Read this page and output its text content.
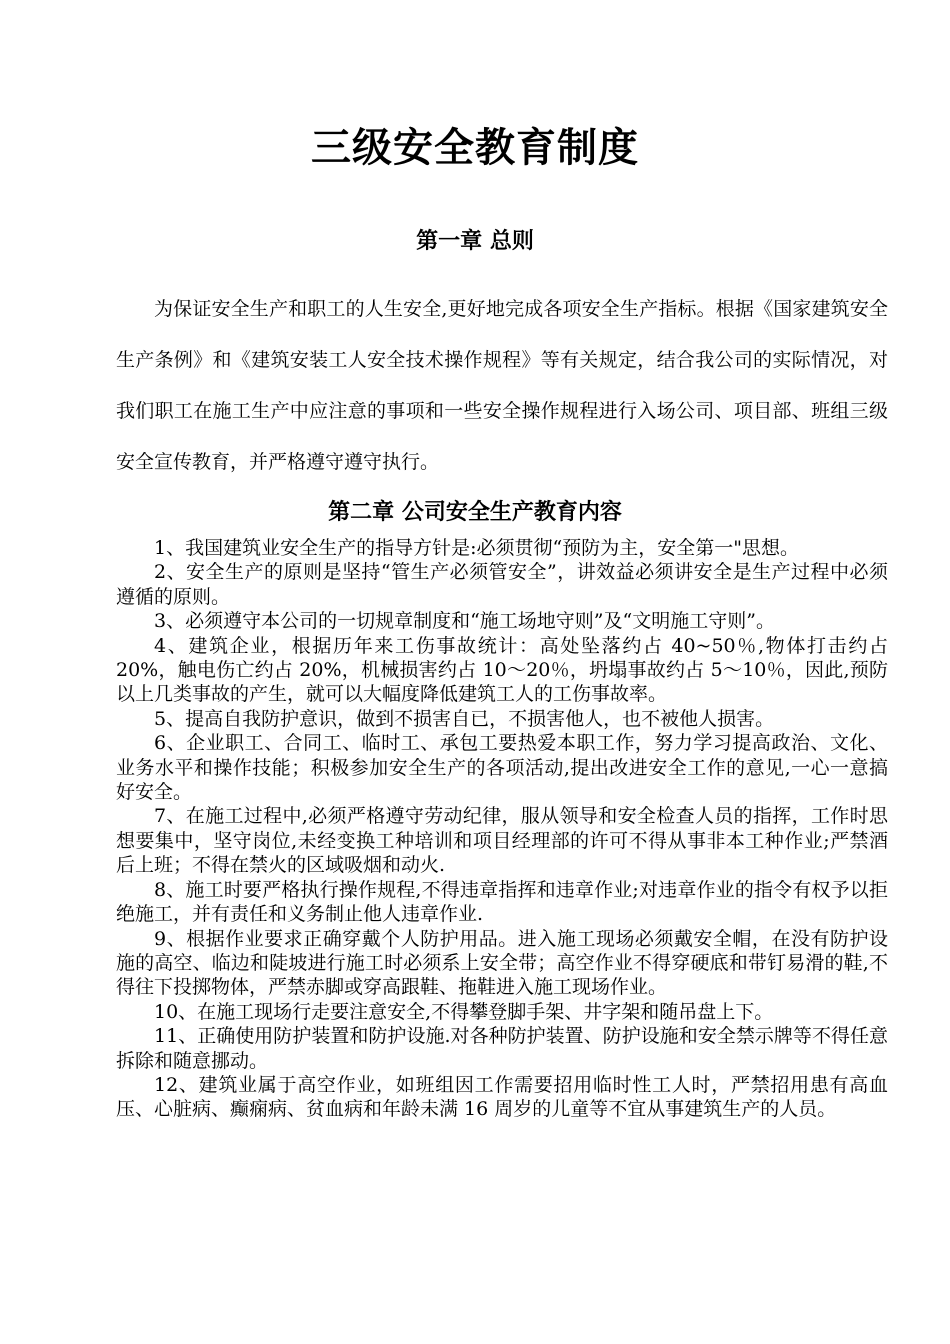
三级安全教育制度
第一章 总则

为保证安全生产和职工的人生安全,更好地完成各项安全生产指标。根据《国家建筑安全生产条例》和《建筑安装工人安全技术操作规程》等有关规定，结合我公司的实际情况，对我们职工在施工生产中应注意的事项和一些安全操作规程进行入场公司、项目部、班组三级安全宣传教育，并严格遵守遵守执行。

第二章 公司安全生产教育内容

1、我国建筑业安全生产的指导方针是:必须贯彻“预防为主，安全第一"思想。

2、安全生产的原则是坚持“管生产必须管安全”，讲效益必须讲安全是生产过程中必须遵循的原则。

3、必须遵守本公司的一切规章制度和“施工场地守则”及“文明施工守则”。

4、建筑企业，根据历年来工伤事故统计：高处坠落约占 40~50％,物体打击约占 20%，触电伤亡约占 20%，机械损害约占 10～20％，坍塌事故约占 5～10％，因此,预防以上几类事故的产生，就可以大幅度降低建筑工人的工伤事故率。

5、提高自我防护意识，做到不损害自已，不损害他人，也不被他人损害。

6、企业职工、合同工、临时工、承包工要热爱本职工作，努力学习提高政治、文化、业务水平和操作技能；积极参加安全生产的各项活动,提出改进安全工作的意见,一心一意搞好安全。

7、在施工过程中,必须严格遵守劳动纪律，服从领导和安全检查人员的指挥，工作时思想要集中，坚守岗位,未经变换工种培训和项目经理部的许可不得从事非本工种作业;严禁酒后上班；不得在禁火的区域吸烟和动火.

8、施工时要严格执行操作规程,不得违章指挥和违章作业;对违章作业的指令有权予以拒绝施工，并有责任和义务制止他人违章作业.

9、根据作业要求正确穿戴个人防护用品。进入施工现场必须戴安全帽，在没有防护设施的高空、临边和陡坡进行施工时必须系上安全带；高空作业不得穿硬底和带钉易滑的鞋,不得往下投掷物体，严禁赤脚或穿高跟鞋、拖鞋进入施工现场作业。

10、在施工现场行走要注意安全,不得攀登脚手架、井字架和随吊盘上下。

11、正确使用防护装置和防护设施.对各种防护装置、防护设施和安全禁示牌等不得任意拆除和随意挪动。

12、建筑业属于高空作业，如班组因工作需要招用临时性工人时，严禁招用患有高血压、心脏病、癫痫病、贫血病和年龄未满 16 周岁的儿童等不宜从事建筑生产的人员。
